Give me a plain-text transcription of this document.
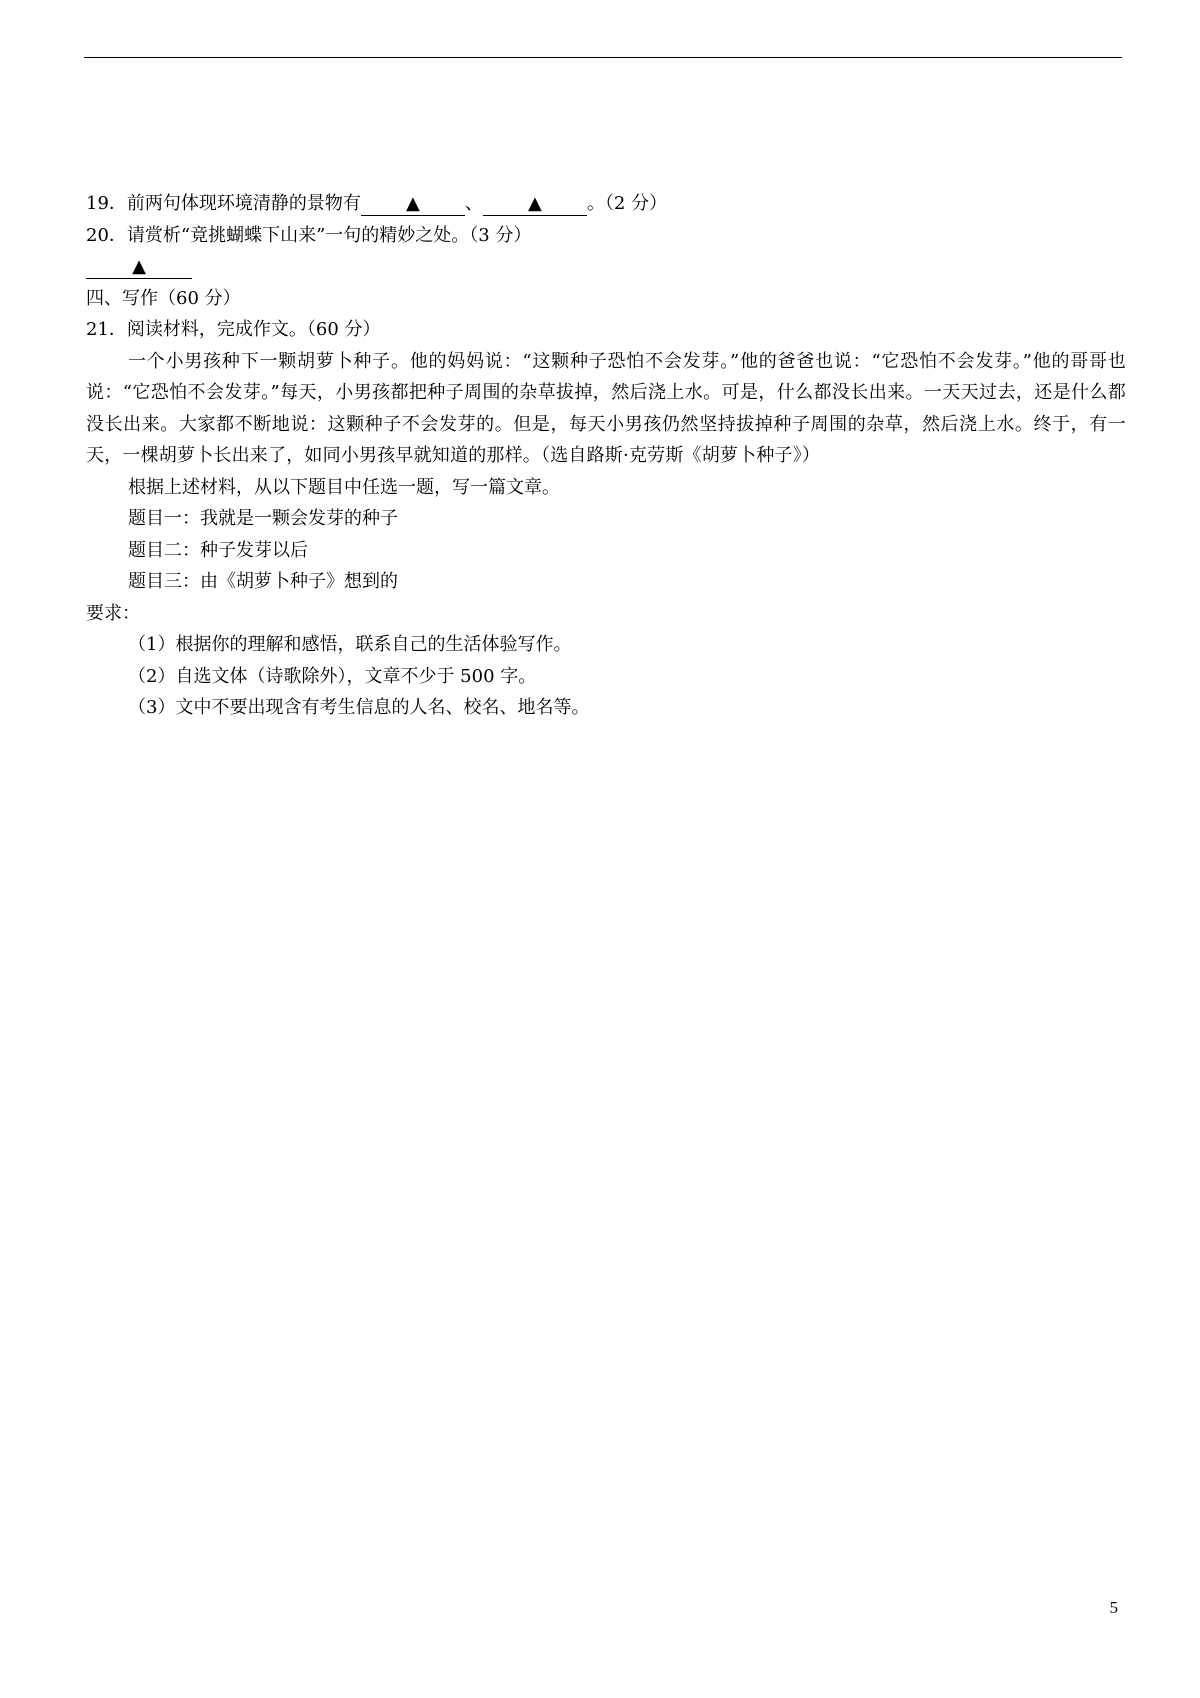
19．前两句体现环境清静的景物有	▲	、	▲	。（2 分）
20．请赏析“竟挑蝴蝶下山来”一句的精妙之处。（3 分）
▲
四、写作（60 分）
21．阅读材料，完成作文。（60 分）
一个小男孩种下一颗胡萝卜种子。他的妈妈说：“这颗种子恐怕不会发芽。”他的爸爸也说：“它恐怕不会发芽。”他的哥哥也说：“它恐怕不会发芽。”每天，小男孩都把种子周围的杂草拔掉，然后浇上水。可是，什么都没长出来。一天天过去，还是什么都没长出来。大家都不断地说：这颗种子不会发芽的。但是，每天小男孩仍然坚持拔掉种子周围的杂草，然后浇上水。终于，有一天，一棵胡萝卜长出来了，如同小男孩早就知道的那样。（选自路斯·克劳斯《胡萝卜种子》）
根据上述材料，从以下题目中任选一题，写一篇文章。
题目一：我就是一颗会发芽的种子
题目二：种子发芽以后
题目三：由《胡萝卜种子》想到的
要求：
（1）根据你的理解和感悟，联系自己的生活体验写作。
（2）自选文体（诗歌除外），文章不少于 500 字。
（3）文中不要出现含有考生信息的人名、校名、地名等。
5
